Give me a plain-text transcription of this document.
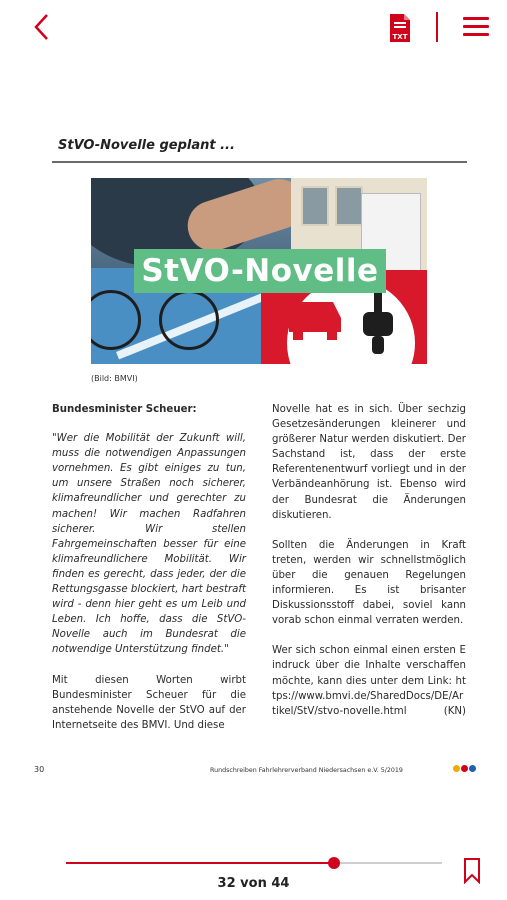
TXT
StVO-Novelle geplant ...
StVO-Novelle
(Bild: BMVI)

Bundesminister Scheuer:

"Wer die Mobilität der Zukunft will, muss die notwendigen Anpassungen vornehmen. Es gibt einiges zu tun, um unsere Straßen noch sicherer, klimafreundlicher und gerechter zu machen! Wir machen Radfahren sicherer. Wir stellen Fahrgemeinschaften besser für eine klimafreundlichere Mobilität. Wir finden es gerecht, dass jeder, der die Rettungsgasse blockiert, hart bestraft wird - denn hier geht es um Leib und Leben. Ich hoffe, dass die StVO-Novelle auch im Bundesrat die notwendige Unterstützung findet."

Mit diesen Worten wirbt Bundesminister Scheuer für die anstehende Novelle der StVO auf der Internetseite des BMVI. Und diese

Novelle hat es in sich. Über sechzig Gesetzesänderungen kleinerer und größerer Natur werden diskutiert. Der Sachstand ist, dass der erste Referentenentwurf vorliegt und in der Verbändeanhörung ist. Ebenso wird der Bundesrat die Änderungen diskutieren.

Sollten die Änderungen in Kraft treten, werden wir schnellstmöglich über die genauen Regelungen informieren. Es ist brisanter Diskussionsstoff dabei, soviel kann vorab schon einmal verraten werden.

Wer sich schon einmal einen ersten Eindruck über die Inhalte verschaffen möchte, kann dies unter dem Link: https://www.bmvi.de/SharedDocs/DE/Artikel/StV/stvo-novelle.html	(KN)

30	Rundschreiben Fahrlehrerverband Niedersachsen e.V. 5/2019
32 von 44
